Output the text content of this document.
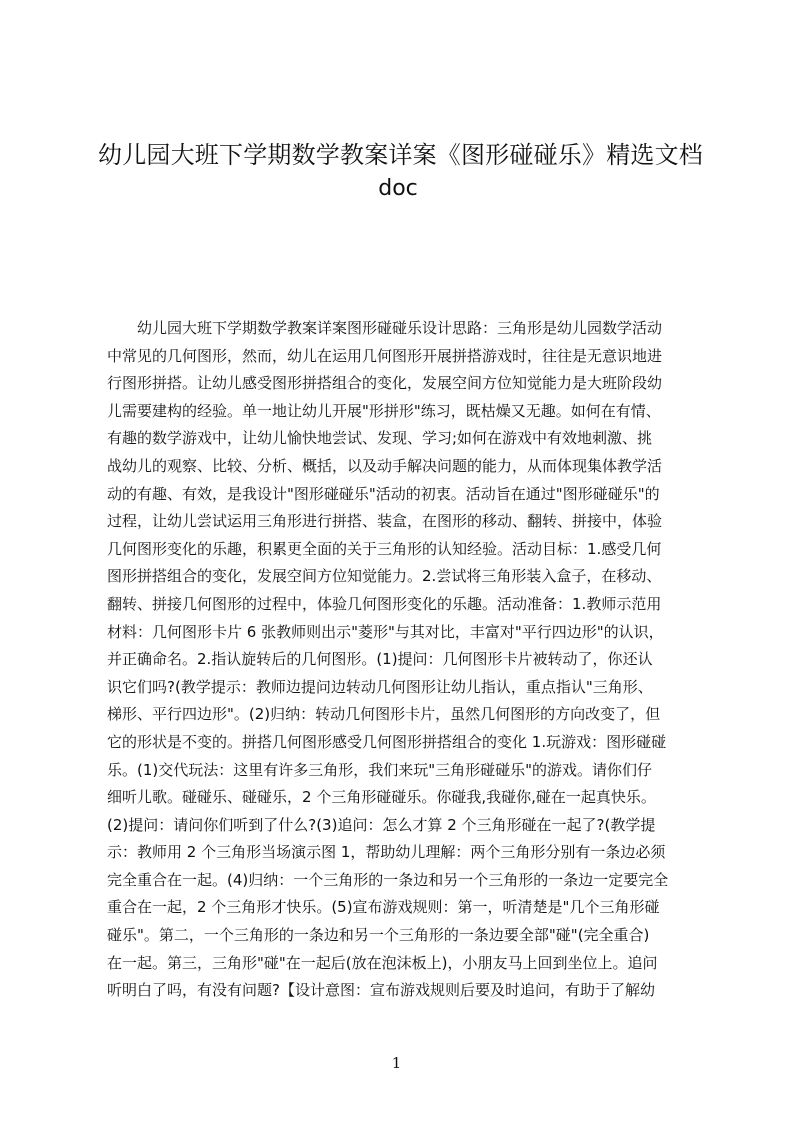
幼儿园大班下学期数学教案详案《图形碰碰乐》精选文档
doc
幼儿园大班下学期数学教案详案图形碰碰乐设计思路：三角形是幼儿园数学活动
中常见的几何图形，然而，幼儿在运用几何图形开展拼搭游戏时，往往是无意识地进
行图形拼搭。让幼儿感受图形拼搭组合的变化，发展空间方位知觉能力是大班阶段幼
儿需要建构的经验。单一地让幼儿开展"形拼形"练习，既枯燥又无趣。如何在有情、
有趣的数学游戏中，让幼儿愉快地尝试、发现、学习;如何在游戏中有效地刺激、挑
战幼儿的观察、比较、分析、概括，以及动手解决问题的能力，从而体现集体教学活
动的有趣、有效，是我设计"图形碰碰乐"活动的初衷。活动旨在通过"图形碰碰乐"的
过程，让幼儿尝试运用三角形进行拼搭、装盒，在图形的移动、翻转、拼接中，体验
几何图形变化的乐趣，积累更全面的关于三角形的认知经验。活动目标：1.感受几何
图形拼搭组合的变化，发展空间方位知觉能力。2.尝试将三角形装入盒子，在移动、
翻转、拼接几何图形的过程中，体验几何图形变化的乐趣。活动准备：1.教师示范用
材料：几何图形卡片 6 张教师则出示"菱形"与其对比，丰富对"平行四边形"的认识，
并正确命名。2.指认旋转后的几何图形。(1)提问：几何图形卡片被转动了，你还认
识它们吗?(教学提示：教师边提问边转动几何图形让幼儿指认，重点指认"三角形、
梯形、平行四边形"。(2)归纳：转动几何图形卡片，虽然几何图形的方向改变了，但
它的形状是不变的。拼搭几何图形感受几何图形拼搭组合的变化 1.玩游戏：图形碰碰
乐。(1)交代玩法：这里有许多三角形，我们来玩"三角形碰碰乐"的游戏。请你们仔
细听儿歌。碰碰乐、碰碰乐，2 个三角形碰碰乐。你碰我,我碰你,碰在一起真快乐。
(2)提问：请问你们听到了什么?(3)追问：怎么才算 2 个三角形碰在一起了?(教学提
示：教师用 2 个三角形当场演示图 1，帮助幼儿理解：两个三角形分别有一条边必须
完全重合在一起。(4)归纳：一个三角形的一条边和另一个三角形的一条边一定要完全
重合在一起，2 个三角形才快乐。(5)宣布游戏规则：第一，听清楚是"几个三角形碰
碰乐"。第二，一个三角形的一条边和另一个三角形的一条边要全部"碰"(完全重合)
在一起。第三，三角形"碰"在一起后(放在泡沫板上)，小朋友马上回到坐位上。追问
听明白了吗，有没有问题?【设计意图：宣布游戏规则后要及时追问，有助于了解幼
1
